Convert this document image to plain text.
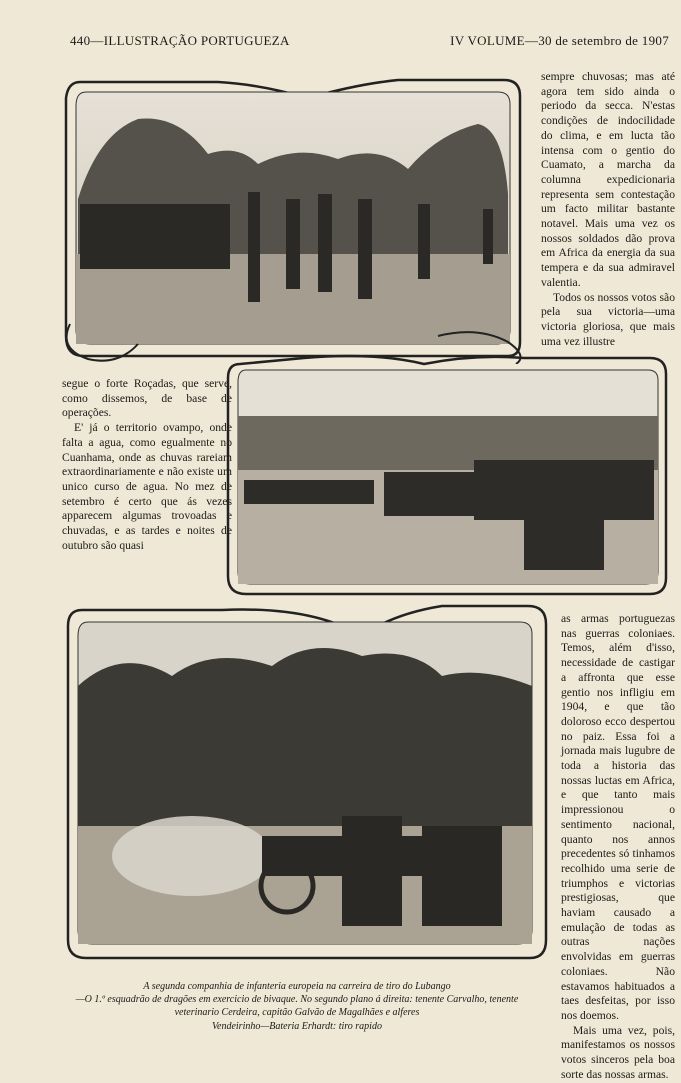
440—ILLUSTRAÇÃO PORTUGUEZA	IV VOLUME—30 de setembro de 1907

sempre chuvosas; mas até agora tem sido ainda o periodo da secca. N'estas condições de indocilidade do clima, e em lucta tão intensa com o gentio do Cuamato, a marcha da columna expedicionaria representa sem contestação um facto militar bastante notavel. Mais uma vez os nossos soldados dão prova em Africa da energia da sua tempera e da sua admiravel valentia.

Todos os nossos votos são pela sua victoria—uma victoria gloriosa, que mais uma vez illustre

segue o forte Roçadas, que serve, como dissemos, de base de operações.

E' já o territorio ovampo, onde falta a agua, como egualmente no Cuanhama, onde as chuvas rareiam extraordinariamente e não existe um unico curso de agua. No mez de setembro é certo que ás vezes apparecem algumas trovoadas e chuvadas, e as tardes e noites de outubro são quasi

as armas portuguezas nas guerras coloniaes. Temos, além d'isso, necessidade de castigar a affronta que esse gentio nos infligiu em 1904, e que tão doloroso ecco despertou no paiz. Essa foi a jornada mais lugubre de toda a historia das nossas luctas em Africa, e que tanto mais impressionou o sentimento nacional, quanto nos annos precedentes só tinhamos recolhido uma serie de triumphos e victorias prestigiosas, que haviam causado a emulação de todas as outras nações envolvidas em guerras coloniaes. Não estavamos habituados a taes desfeitas, por isso nos doemos.

Mais uma vez, pois, manifestamos os nossos votos sinceros pela boa sorte das nossas armas.

A segunda companhia de infanteria europeia na carreira de tiro do Lubango

—O 1.º esquadrão de dragões em exercicio de bivaque. No segundo plano á direita: tenente Carvalho, tenente veterinario Cerdeira, capitão Galvão de Magalhães e alferes

Vendeirinho—Bateria Erhardt: tiro rapido
